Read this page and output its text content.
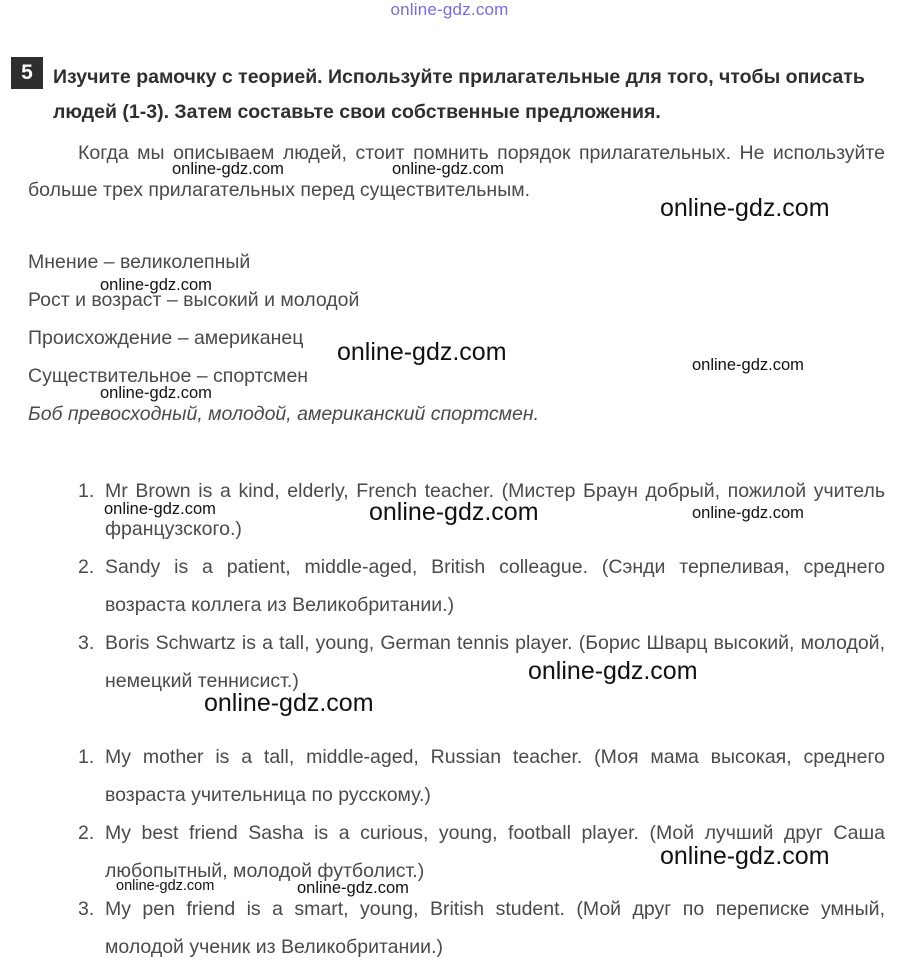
online-gdz.com
5	Изучите рамочку с теорией. Используйте прилагательные для того, чтобы описать людей (1-3). Затем составьте свои собственные предложения.
Когда мы описываем людей, стоит помнить порядок прилагательных. Не используйте больше трех прилагательных перед существительным.
Мнение – великолепный
Рост и возраст – высокий и молодой
Происхождение – американец
Существительное – спортсмен
Боб превосходный, молодой, американский спортсмен.
1. Mr Brown is a kind, elderly, French teacher. (Мистер Браун добрый, пожилой учитель французского.)
2. Sandy is a patient, middle-aged, British colleague. (Сэнди терпеливая, среднего возраста коллега из Великобритании.)
3. Boris Schwartz is a tall, young, German tennis player. (Борис Шварц высокий, молодой, немецкий теннисист.)
1. My mother is a tall, middle-aged, Russian teacher. (Моя мама высокая, среднего возраста учительница по русскому.)
2. My best friend Sasha is a curious, young, football player. (Мой лучший друг Саша любопытный, молодой футболист.)
3. My pen friend is a smart, young, British student. (Мой друг по переписке умный, молодой ученик из Великобритании.)
online-gdz.com	online-gdz.com
online-gdz.com
online-gdz.com
online-gdz.com	online-gdz.com
online-gdz.com
online-gdz.com	online-gdz.com	online-gdz.com
online-gdz.com
online-gdz.com
online-gdz.com
online-gdz.com	online-gdz.com
